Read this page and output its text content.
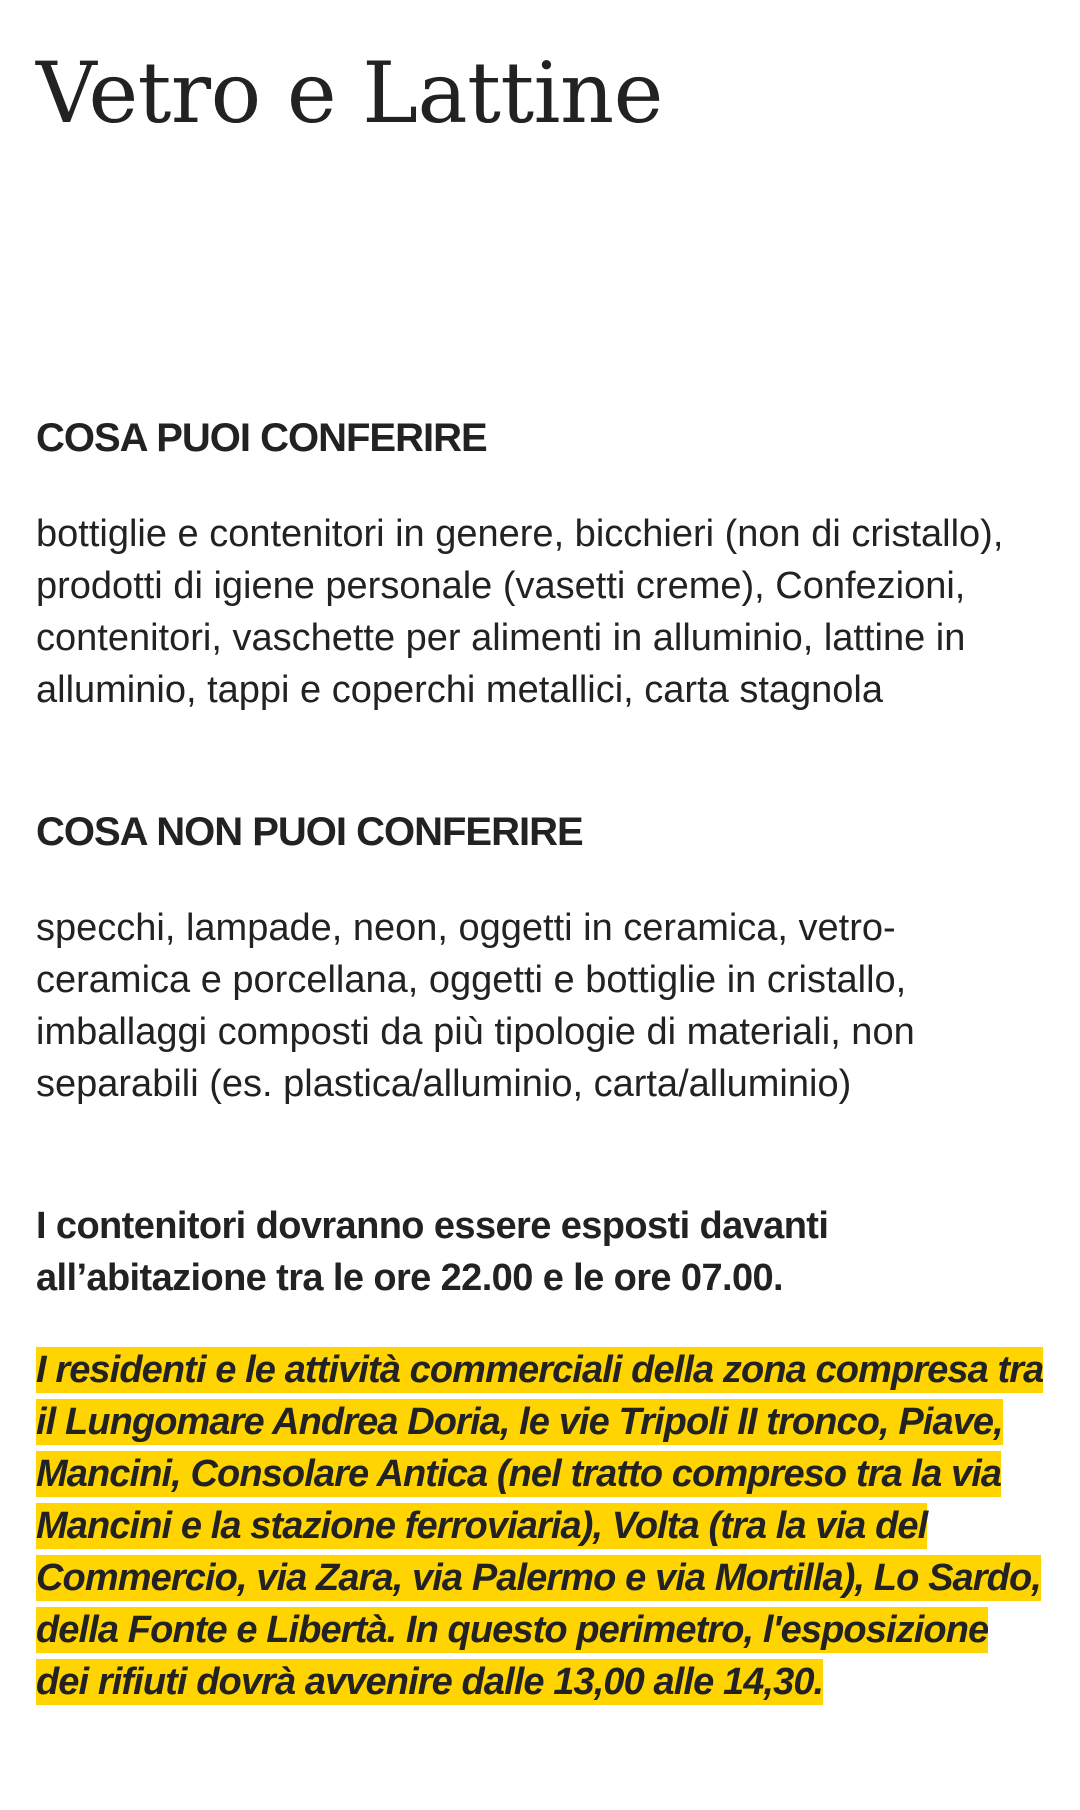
Vetro e Lattine
COSA PUOI CONFERIRE

bottiglie e contenitori in genere, bicchieri (non di cristallo), prodotti di igiene personale (vasetti creme), Confezioni, contenitori, vaschette per alimenti in alluminio, lattine in alluminio, tappi e coperchi metallici, carta stagnola

COSA NON PUOI CONFERIRE

specchi, lampade, neon, oggetti in ceramica, vetro-ceramica e porcellana, oggetti e bottiglie in cristallo, imballaggi composti da più tipologie di materiali, non separabili (es. plastica/alluminio, carta/alluminio)

I contenitori dovranno essere esposti davanti all’abitazione tra le ore 22.00 e le ore 07.00.

I residenti e le attività commerciali della zona compresa tra il Lungomare Andrea Doria, le vie Tripoli II tronco, Piave, Mancini, Consolare Antica (nel tratto compreso tra la via Mancini e la stazione ferroviaria), Volta (tra la via del Commercio, via Zara, via Palermo e via Mortilla), Lo Sardo, della Fonte e Libertà. In questo perimetro, l'esposizione dei rifiuti dovrà avvenire dalle 13,00 alle 14,30.
